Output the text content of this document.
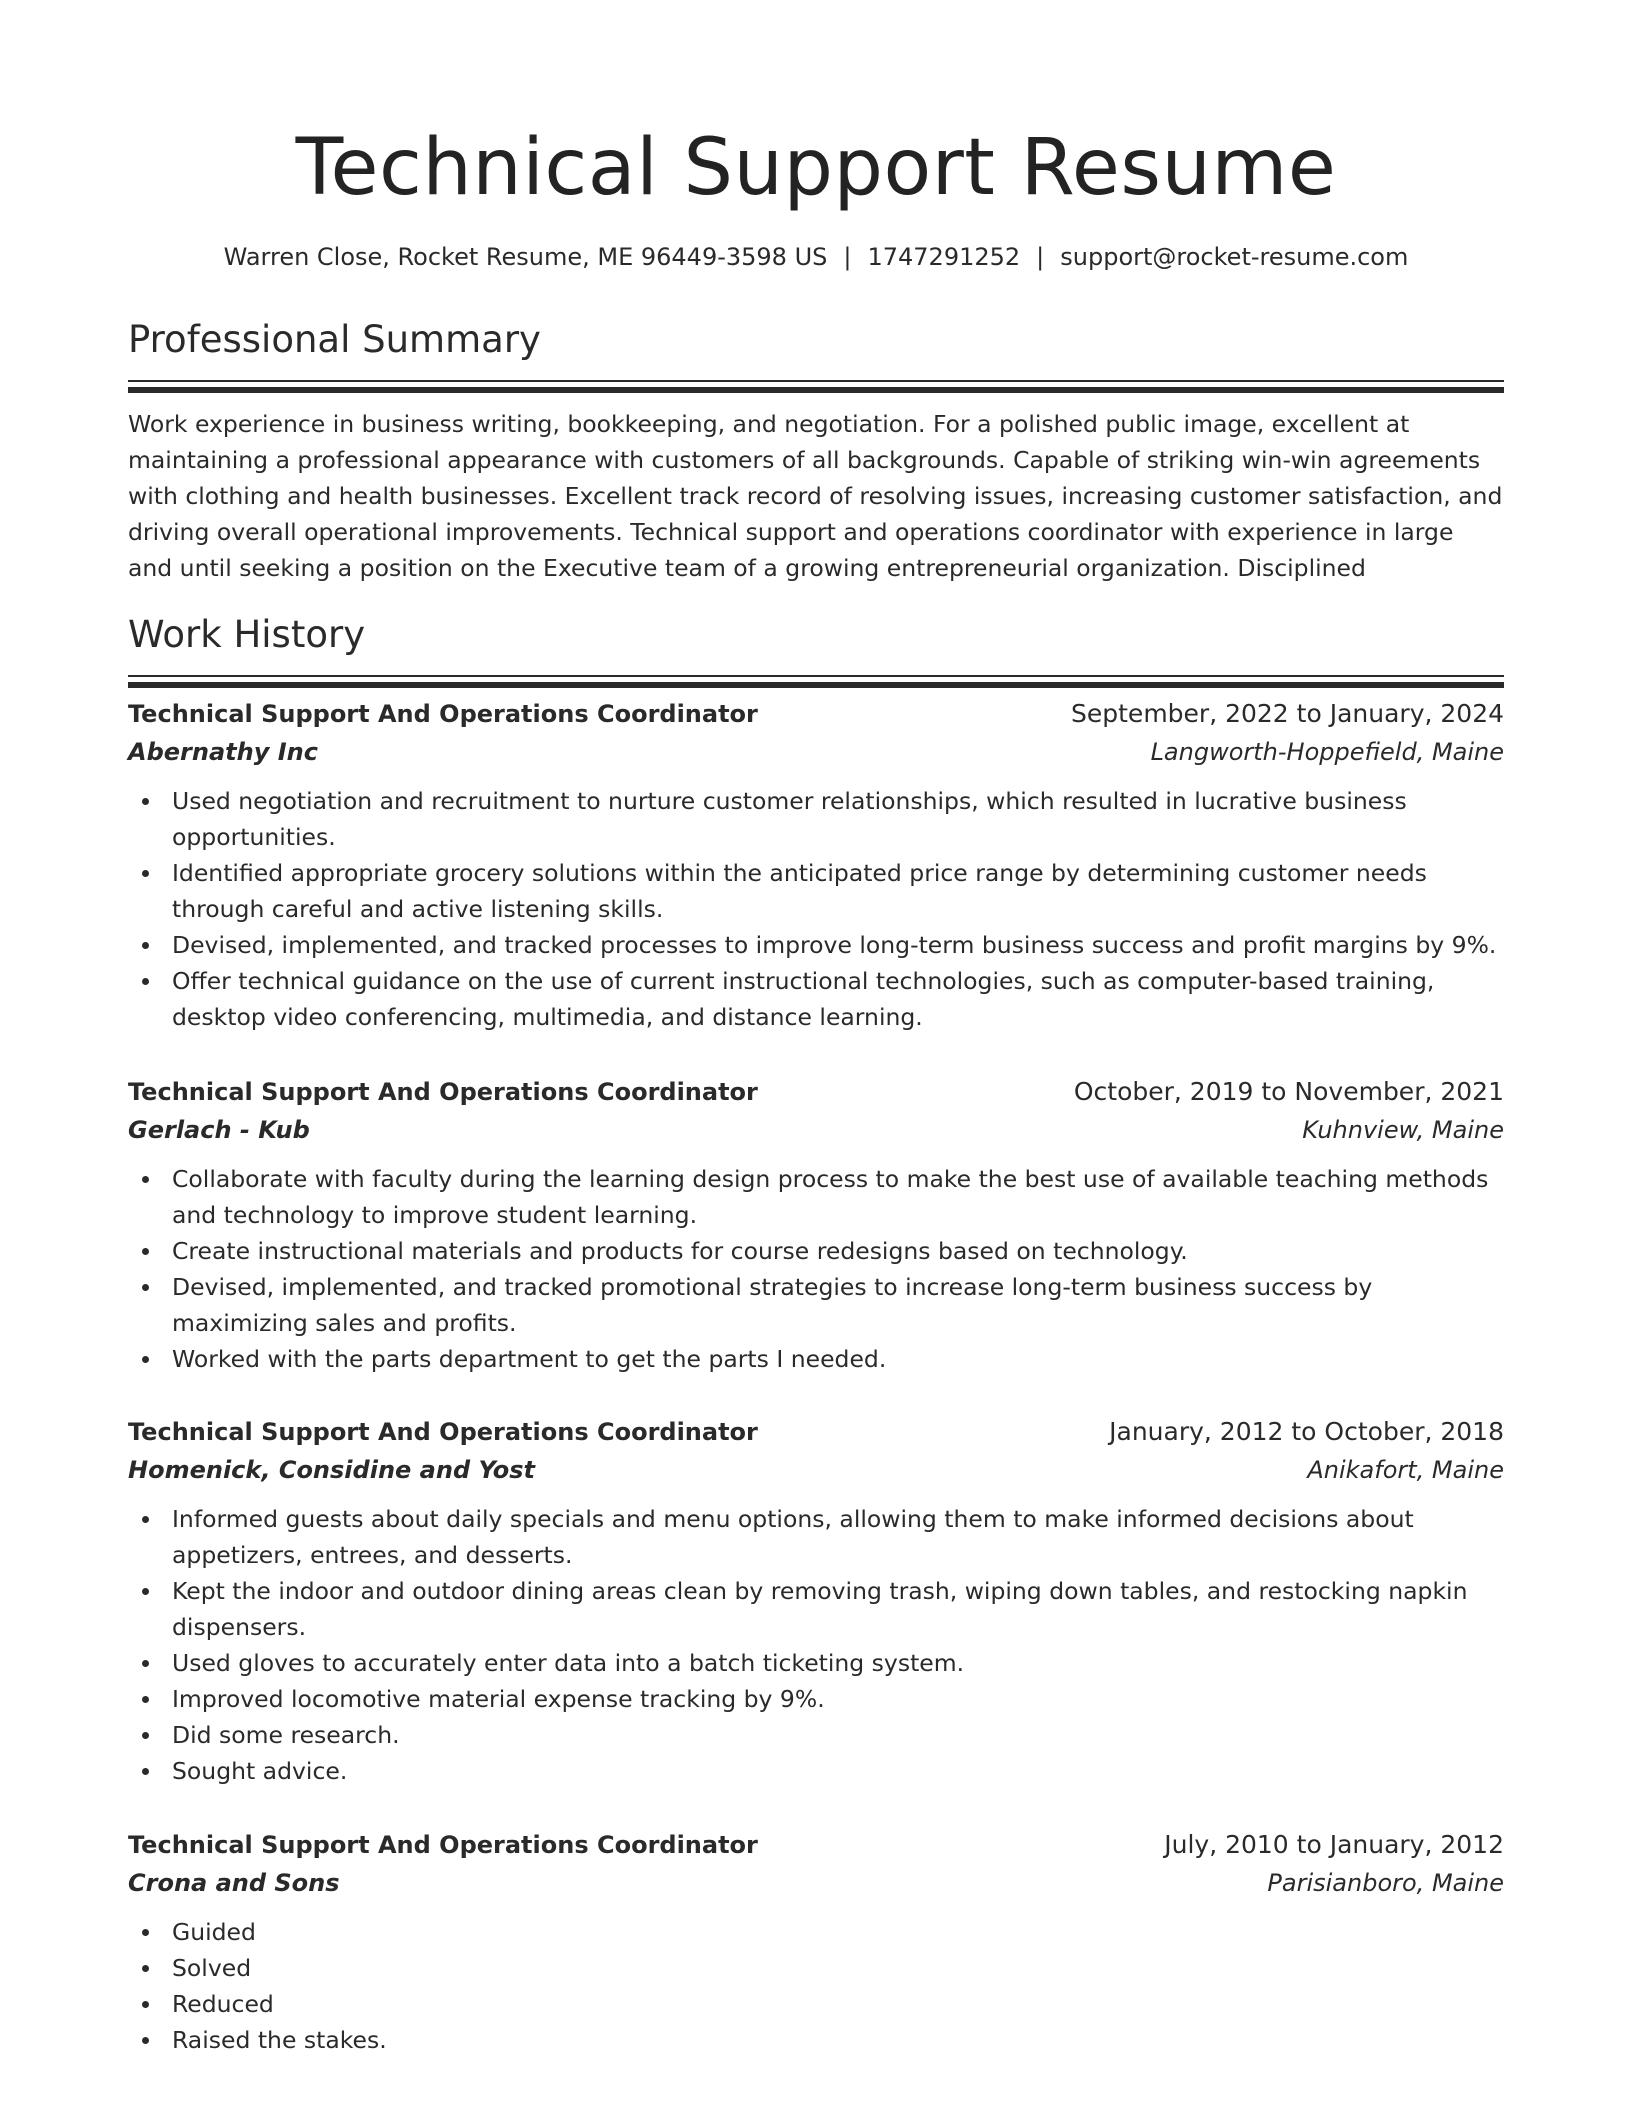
Technical Support Resume
Warren Close, Rocket Resume, ME 96449-3598 US | 1747291252 | support@rocket-resume.com
Professional Summary

Work experience in business writing, bookkeeping, and negotiation. For a polished public image, excellent at maintaining a professional appearance with customers of all backgrounds. Capable of striking win-win agreements with clothing and health businesses. Excellent track record of resolving issues, increasing customer satisfaction, and driving overall operational improvements. Technical support and operations coordinator with experience in large and until seeking a position on the Executive team of a growing entrepreneurial organization. Disciplined

Work History
Technical Support And Operations Coordinator	September, 2022 to January, 2024
Abernathy Inc	Langworth-Hoppefield, Maine
Used negotiation and recruitment to nurture customer relationships, which resulted in lucrative business opportunities.
Identified appropriate grocery solutions within the anticipated price range by determining customer needs through careful and active listening skills.
Devised, implemented, and tracked processes to improve long-term business success and profit margins by 9%.
Offer technical guidance on the use of current instructional technologies, such as computer-based training, desktop video conferencing, multimedia, and distance learning.
Technical Support And Operations Coordinator	October, 2019 to November, 2021
Gerlach - Kub	Kuhnview, Maine
Collaborate with faculty during the learning design process to make the best use of available teaching methods and technology to improve student learning.
Create instructional materials and products for course redesigns based on technology.
Devised, implemented, and tracked promotional strategies to increase long-term business success by maximizing sales and profits.
Worked with the parts department to get the parts I needed.
Technical Support And Operations Coordinator	January, 2012 to October, 2018
Homenick, Considine and Yost	Anikafort, Maine
Informed guests about daily specials and menu options, allowing them to make informed decisions about appetizers, entrees, and desserts.
Kept the indoor and outdoor dining areas clean by removing trash, wiping down tables, and restocking napkin dispensers.
Used gloves to accurately enter data into a batch ticketing system.
Improved locomotive material expense tracking by 9%.
Did some research.
Sought advice.
Technical Support And Operations Coordinator	July, 2010 to January, 2012
Crona and Sons	Parisianboro, Maine
Guided
Solved
Reduced
Raised the stakes.
